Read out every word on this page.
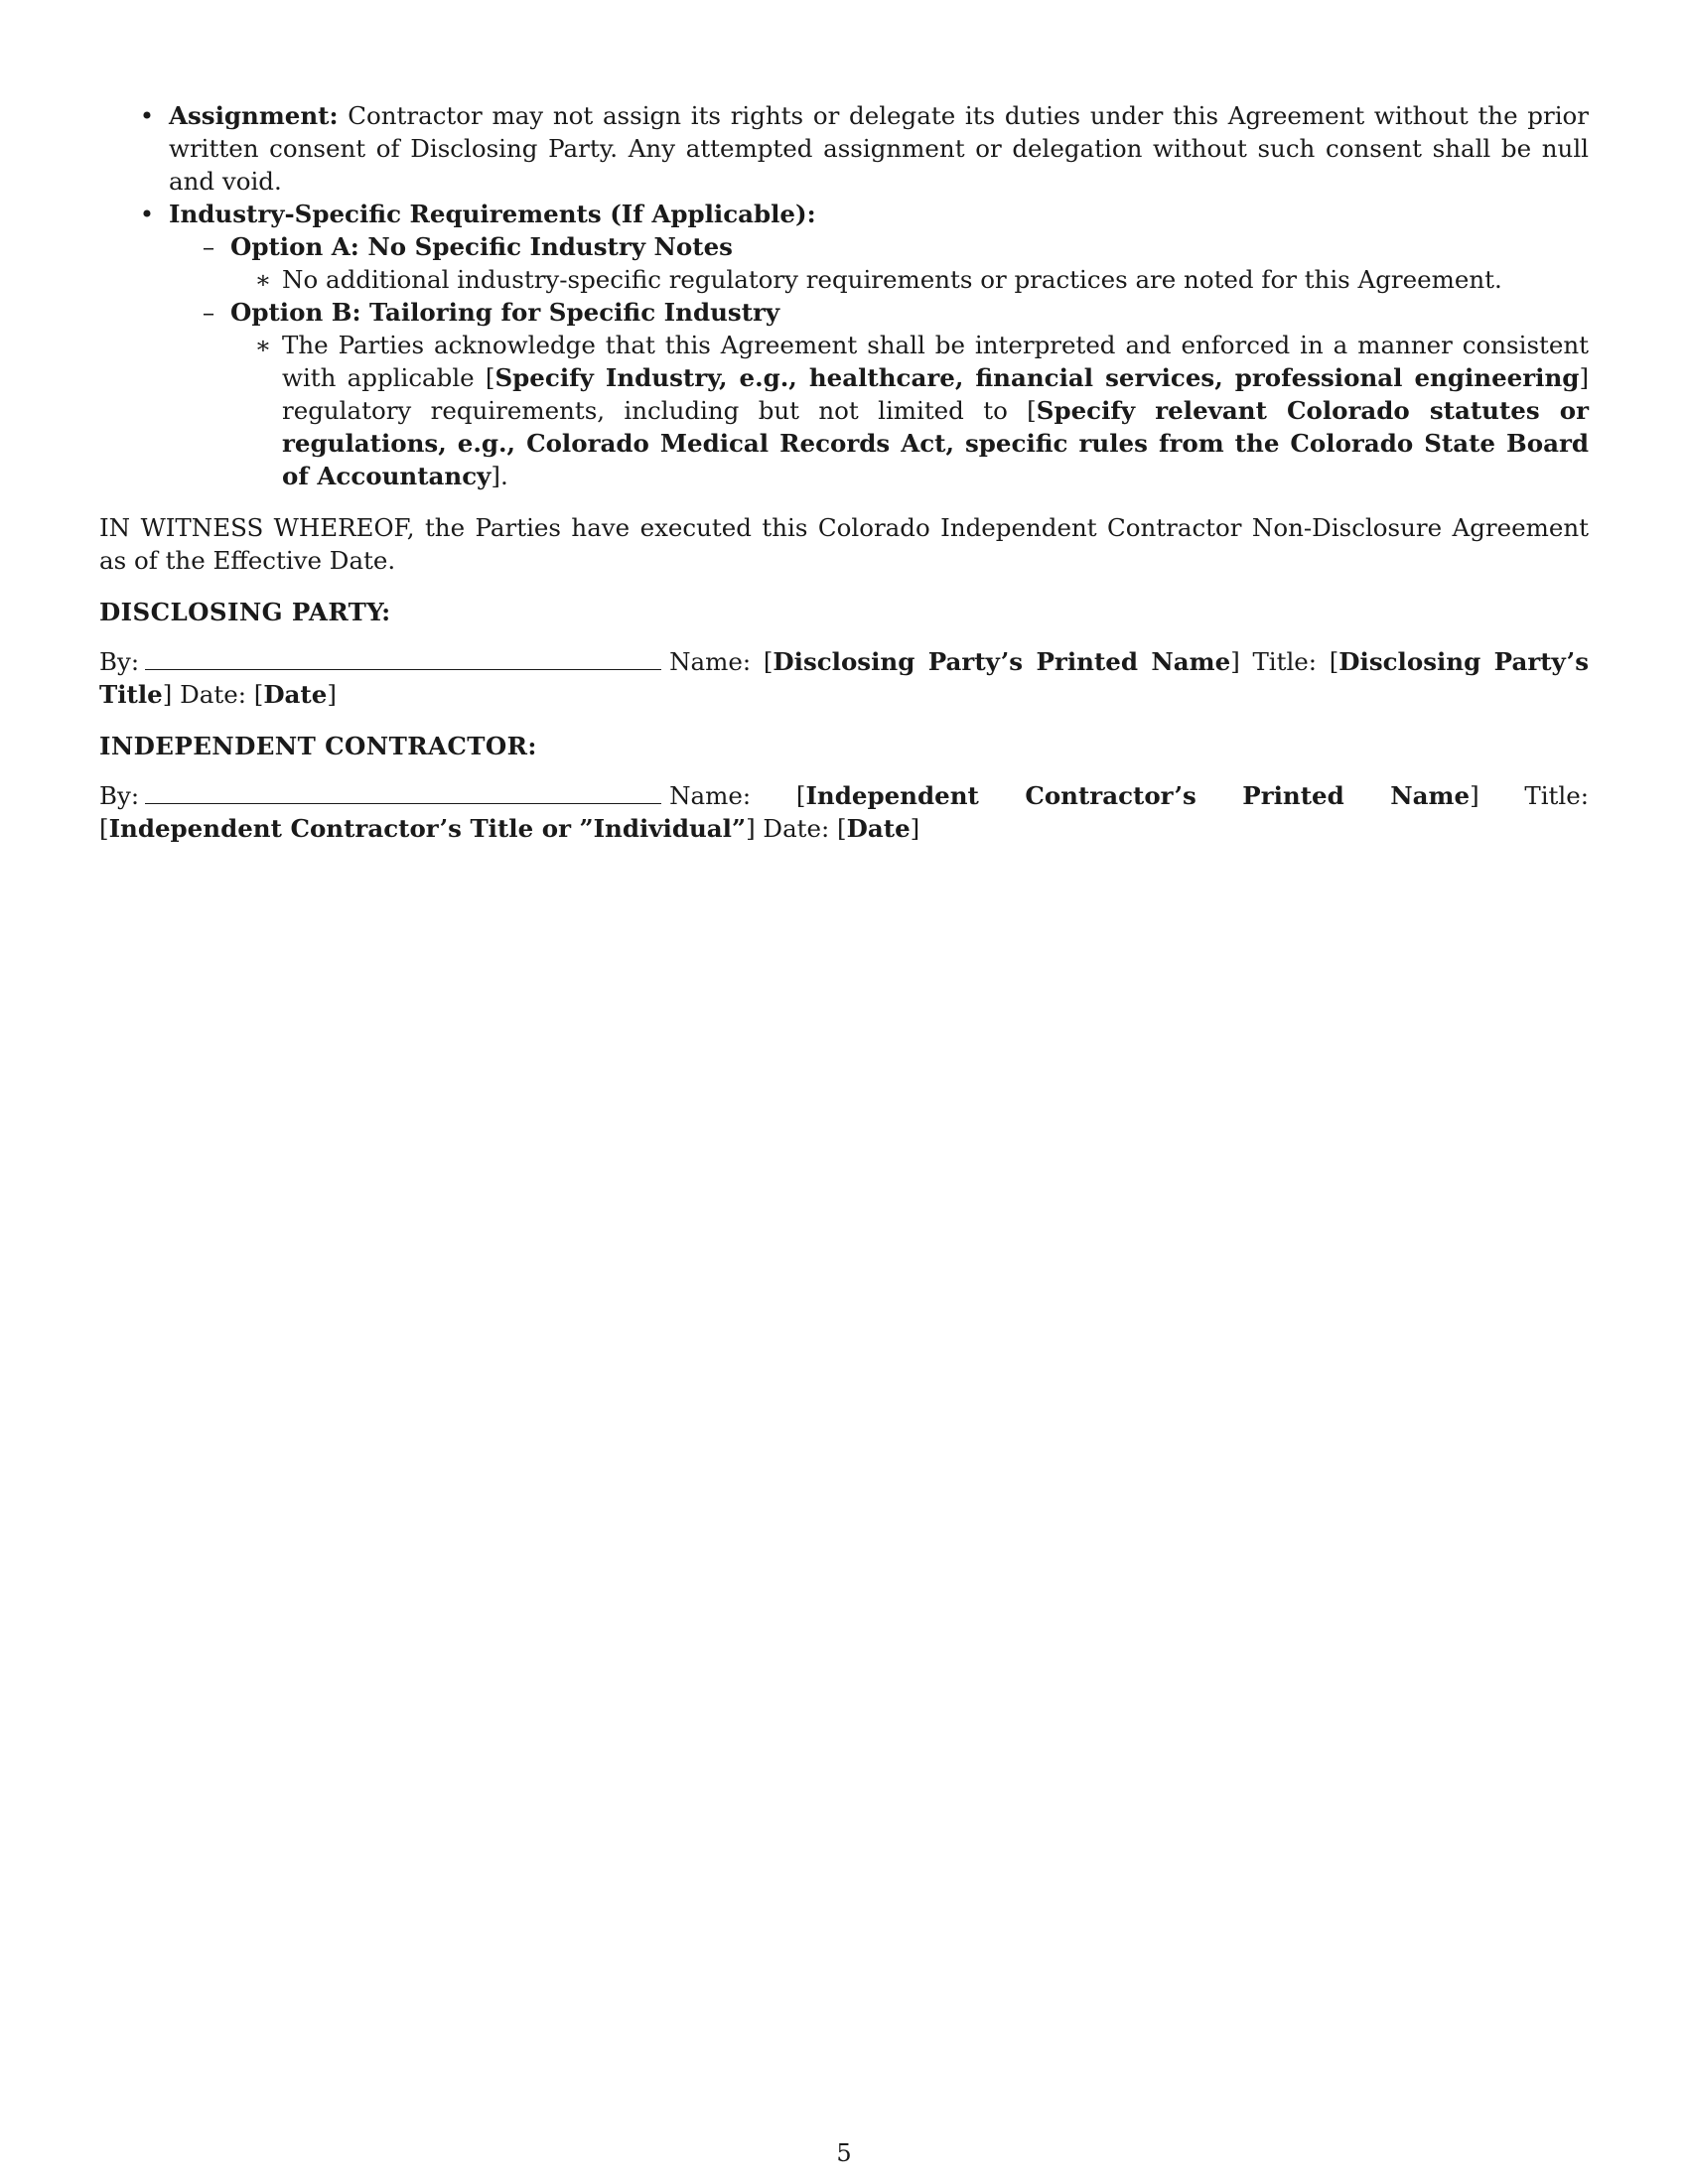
• Assignment: Contractor may not assign its rights or delegate its duties under this Agreement without the prior written consent of Disclosing Party. Any attempted assignment or delegation without such consent shall be null and void.
• Industry-Specific Requirements (If Applicable):
– Option A: No Specific Industry Notes
∗ No additional industry-specific regulatory requirements or practices are noted for this Agreement.
– Option B: Tailoring for Specific Industry
∗ The Parties acknowledge that this Agreement shall be interpreted and enforced in a manner consistent with applicable [Specify Industry, e.g., healthcare, financial services, professional engineering] regulatory requirements, including but not limited to [Specify relevant Colorado statutes or regulations, e.g., Colorado Medical Records Act, specific rules from the Colorado State Board of Accountancy].

IN WITNESS WHEREOF, the Parties have executed this Colorado Independent Contractor Non-Disclosure Agreement as of the Effective Date.

DISCLOSING PARTY:

By:	Name: [Disclosing Party’s Printed Name] Title: [Disclosing Party’s Title] Date: [Date]

INDEPENDENT CONTRACTOR:

By:	Name: [Independent Contractor’s Printed Name] Title: [Independent Contractor’s Title or ”Individual”] Date: [Date]

5
